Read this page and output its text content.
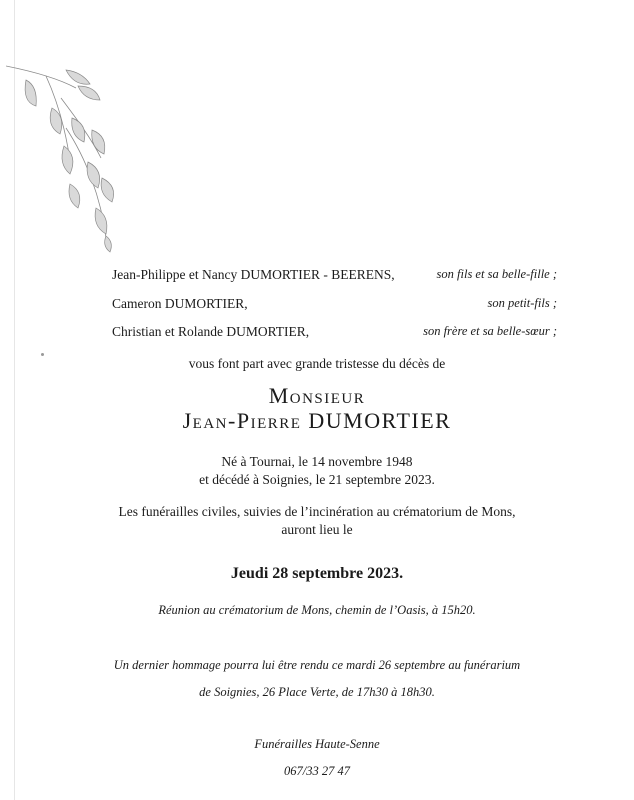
Jean-Philippe et Nancy DUMORTIER - BEERENS,	son fils et sa belle-fille ;
Cameron DUMORTIER,	son petit-fils ;
Christian et Rolande DUMORTIER,	son frère et sa belle-sœur ;
vous font part avec grande tristesse du décès de
Monsieur
Jean-Pierre DUMORTIER
Né à Tournai, le 14 novembre 1948
et décédé à Soignies, le 21 septembre 2023.
Les funérailles civiles, suivies de l’incinération au crématorium de Mons,
auront lieu le
Jeudi 28 septembre 2023.
Réunion au crématorium de Mons, chemin de l’Oasis, à 15h20.
Un dernier hommage pourra lui être rendu ce mardi 26 septembre au funérarium
de Soignies, 26 Place Verte, de 17h30 à 18h30.
Funérailles Haute-Senne
067/33 27 47
